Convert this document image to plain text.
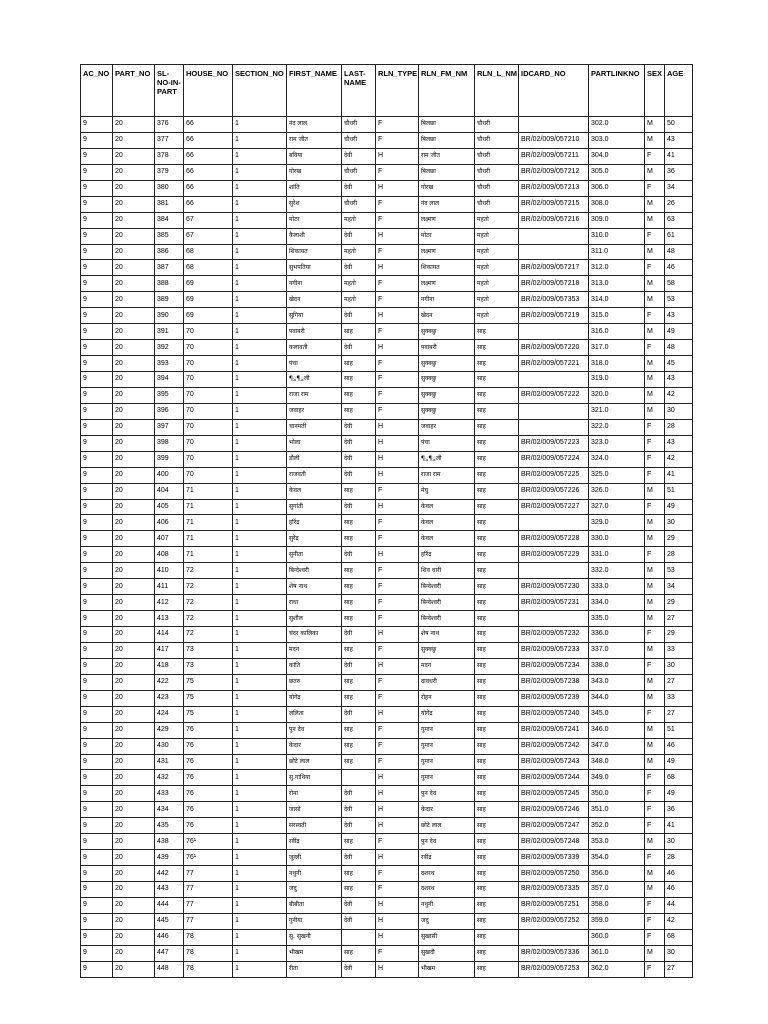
AC_NO	PART_NO	SL-NO-IN-PART	HOUSE_NO	SECTION_NO	FIRST_NAME	LAST-NAME	RLN_TYPE	RLN_FM_NM	RLN_L_NM	IDCARD_NO	PARTLINKNO	SEX	AGE
9	20	376	66	1	नंद लाल	चौधरी	F	बिलछा	चौधरी		302.0	M	50
9	20	377	66	1	राम जीत	चौधरी	F	बिलछा	चौधरी	BR/02/009/057210	303.0	M	43
9	20	378	66	1	बविया	देवी	H	राम जीत	चौधरी	BR/02/009/057211	304.0	F	41
9	20	379	66	1	गोरख	चौधरी	F	बिलछा	चौधरी	BR/02/009/057212	305.0	M	36
9	20	380	66	1	शांति	देवी	H	गोरख	चौधरी	BR/02/009/057213	306.0	F	34
9	20	381	66	1	सुरेश	चौधरी	F	नंद लाल	चौधरी	BR/02/009/057215	308.0	M	26
9	20	384	67	1	मोटर	महतो	F	लक्ष्मण	महतो	BR/02/009/057216	309.0	M	63
9	20	385	67	1	कैलाशी	देवी	H	मोटर	महतो		310.0	F	61
9	20	386	68	1	शिकायत	महतो	F	लक्ष्मण	महतो		311.0	M	48
9	20	387	68	1	सुभपतिया	देवी	H	शिकायत	महतो	BR/02/009/057217	312.0	F	46
9	20	388	69	1	नगीना	महतो	F	लक्ष्मण	महतो	BR/02/009/057218	313.0	M	58
9	20	389	69	1	खेदन	महतो	F	नगीना	महतो	BR/02/009/057353	314.0	M	53
9	20	390	69	1	सुगिया	देवी	H	खेदन	महतो	BR/02/009/057219	315.0	F	43
9	20	391	70	1	पवाबरी	साह	F	सुक्क्छु	साह		316.0	M	49
9	20	392	70	1	कलावती	देवी	H	पवाबरी	साह	BR/02/009/057220	317.0	F	48
9	20	393	70	1	पंचा	साह	F	सुक्क्छु	साह	BR/02/009/057221	318.0	M	45
9	20	394	70	1	¶ु¶ुली	साह	F	सुक्क्छु	साह		319.0	M	43
9	20	395	70	1	राजा राम	साह	F	सुक्क्छु	साह	BR/02/009/057222	320.0	M	42
9	20	396	70	1	जवाहर	साह	F	सुक्क्छु	साह		321.0	M	30
9	20	397	70	1	चानमती	देवी	H	जवाहर	साह		322.0	F	28
9	20	398	70	1	भोला	देवी	H	पंचा	साह	BR/02/009/057223	323.0	F	43
9	20	399	70	1	डौली	देवी	H	¶ु¶ुली	साह	BR/02/009/057224	324.0	F	42
9	20	400	70	1	राजवती	देवी	H	राजा राम	साह	BR/02/009/057225	325.0	F	41
9	20	404	71	1	केवल	साह	F	मेघु	साह	BR/02/009/057226	326.0	M	51
9	20	405	71	1	सुगांती	देवी	H	केवल	साह	BR/02/009/057227	327.0	F	49
9	20	406	71	1	हरिंद्र	साह	F	केवल	साह		329.0	M	30
9	20	407	71	1	सुरेंद्र	साह	F	केवल	साह	BR/02/009/057228	330.0	M	29
9	20	408	71	1	सुनीता	देवी	H	हरिंद्र	साह	BR/02/009/057229	331.0	F	28
9	20	410	72	1	बिन्देश्वरी	साह	F	शिव धारी	साह		332.0	M	53
9	20	411	72	1	शेष नाथ	साह	F	बिन्देश्वरी	साह	BR/02/009/057230	333.0	M	34
9	20	412	72	1	राधा	साह	F	बिन्देश्वरी	साह	BR/02/009/057231	334.0	M	29
9	20	413	72	1	सुशील	साह	F	बिन्देश्वरी	साह		335.0	M	27
9	20	414	72	1	चंदर कालिका	देवी	H	शेष नाथ	साह	BR/02/009/057232	336.0	F	29
9	20	417	73	1	मदन	साह	F	सुक्क्छु	साह	BR/02/009/057233	337.0	M	33
9	20	418	73	1	कांति	देवी	H	मदन	साह	BR/02/009/057234	338.0	F	30
9	20	422	75	1	छतरु	साह	F	दावधरी	साह	BR/02/009/057238	343.0	M	27
9	20	423	75	1	योगेंद्र	साह	F	रोहन	साह	BR/02/009/057239	344.0	M	33
9	20	424	75	1	ललिता	देवी	H	योगेंद्र	साह	BR/02/009/057240	345.0	F	27
9	20	429	76	1	पुन देव	साह	F	गुमान	साह	BR/02/009/057241	346.0	M	51
9	20	430	76	1	केदार	साह	F	गुमान	साह	BR/02/009/057242	347.0	M	46
9	20	431	76	1	छोटे लाल	साह	F	गुमान	साह	BR/02/009/057243	348.0	M	49
9	20	432	76	1	सु.गाथिया		H	गुमान	साह	BR/02/009/057244	349.0	F	68
9	20	433	76	1	रोना	देवी	H	पुन देव	साह	BR/02/009/057245	350.0	F	49
9	20	434	76	1	जासो	देवी	H	केदार	साह	BR/02/009/057246	351.0	F	36
9	20	435	76	1	सरस्वती	देवी	H	छोटे लाल	साह	BR/02/009/057247	352.0	F	41
9	20	438	76¹	1	रवींद्र	साह	F	पुन देव	साह	BR/02/009/057248	353.0	M	30
9	20	439	76¹	1	जुव्ली	देवी	H	रवींद्र	साह	BR/02/009/057339	354.0	F	28
9	20	442	77	1	नथुनी	साह	F	दशरथ	साह	BR/02/009/057250	356.0	M	46
9	20	443	77	1	जदु	साह	F	दशरथ	साह	BR/02/009/057335	357.0	M	46
9	20	444	77	1	बीबीता	देवी	H	नथुनी	साह	BR/02/009/057251	358.0	F	44
9	20	445	77	1	गुनीया	देवी	H	जदु	साह	BR/02/009/057252	359.0	F	42
9	20	446	78	1	सु. सुखनी		H	सुखासी	साह		360.0	F	68
9	20	447	78	1	भीखम	साह	F	सुखदी	साह	BR/02/009/057336	361.0	M	30
9	20	448	78	1	रीता	देवी	H	भीखम	साह	BR/02/009/057253	362.0	F	27
